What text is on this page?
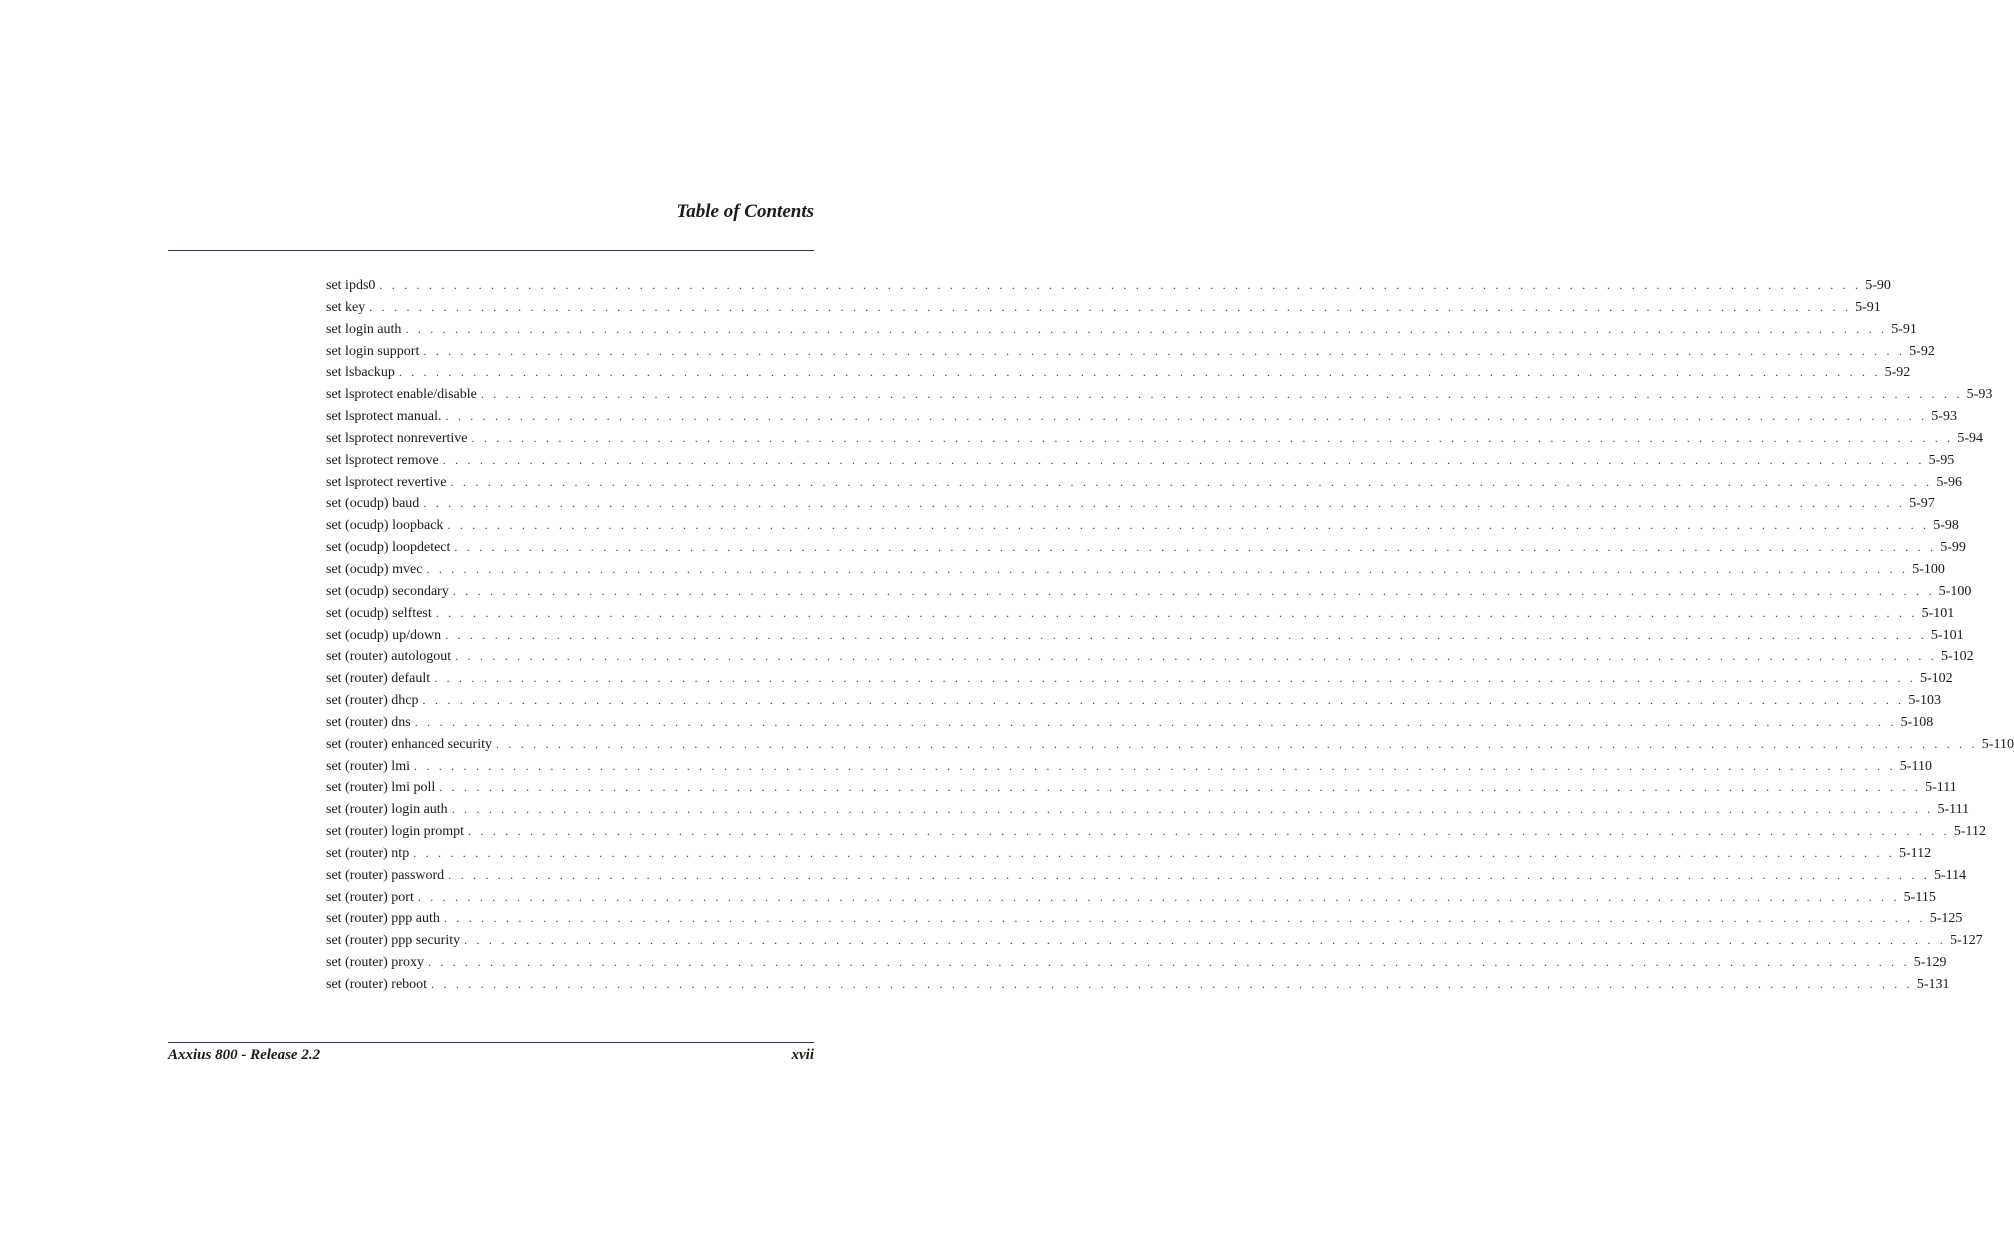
Table of Contents
set ipds0 . . . . . . . . . . . . . . . . . . . . . . . . . . . . . . . . . . . . . . . . . . . . . . . . . . . . . . . . . . . . . . . . . . . . . . . . . . . . . . . . . . . . . . . . . . . . . . . . . . . . . . . . . . . . . . . . . . . . . . . . 5-90
set key . . . . . . . . . . . . . . . . . . . . . . . . . . . . . . . . . . . . . . . . . . . . . . . . . . . . . . . . . . . . . . . . . . . . . . . . . . . . . . . . . . . . . . . . . . . . . . . . . . . . . . . . . . . . . . . . . . . . . . . . 5-91
set login auth . . . . . . . . . . . . . . . . . . . . . . . . . . . . . . . . . . . . . . . . . . . . . . . . . . . . . . . . . . . . . . . . . . . . . . . . . . . . . . . . . . . . . . . . . . . . . . . . . . . . . . . . . . . . . . . . . . . . . . . . 5-91
set login support . . . . . . . . . . . . . . . . . . . . . . . . . . . . . . . . . . . . . . . . . . . . . . . . . . . . . . . . . . . . . . . . . . . . . . . . . . . . . . . . . . . . . . . . . . . . . . . . . . . . . . . . . . . . . . . . . . . . . . . . 5-92
set lsbackup . . . . . . . . . . . . . . . . . . . . . . . . . . . . . . . . . . . . . . . . . . . . . . . . . . . . . . . . . . . . . . . . . . . . . . . . . . . . . . . . . . . . . . . . . . . . . . . . . . . . . . . . . . . . . . . . . . . . . . . . 5-92
set lsprotect enable/disable . . . . . . . . . . . . . . . . . . . . . . . . . . . . . . . . . . . . . . . . . . . . . . . . . . . . . . . . . . . . . . . . . . . . . . . . . . . . . . . . . . . . . . . . . . . . . . . . . . . . . . . . . . . . . . . . . . . . . . . . 5-93
set lsprotect manual. . . . . . . . . . . . . . . . . . . . . . . . . . . . . . . . . . . . . . . . . . . . . . . . . . . . . . . . . . . . . . . . . . . . . . . . . . . . . . . . . . . . . . . . . . . . . . . . . . . . . . . . . . . . . . . . . . . . . . . . . 5-93
set lsprotect nonrevertive . . . . . . . . . . . . . . . . . . . . . . . . . . . . . . . . . . . . . . . . . . . . . . . . . . . . . . . . . . . . . . . . . . . . . . . . . . . . . . . . . . . . . . . . . . . . . . . . . . . . . . . . . . . . . . . . . . . . . . . . 5-94
set lsprotect remove . . . . . . . . . . . . . . . . . . . . . . . . . . . . . . . . . . . . . . . . . . . . . . . . . . . . . . . . . . . . . . . . . . . . . . . . . . . . . . . . . . . . . . . . . . . . . . . . . . . . . . . . . . . . . . . . . . . . . . . . 5-95
set lsprotect revertive . . . . . . . . . . . . . . . . . . . . . . . . . . . . . . . . . . . . . . . . . . . . . . . . . . . . . . . . . . . . . . . . . . . . . . . . . . . . . . . . . . . . . . . . . . . . . . . . . . . . . . . . . . . . . . . . . . . . . . . . 5-96
set (ocudp) baud . . . . . . . . . . . . . . . . . . . . . . . . . . . . . . . . . . . . . . . . . . . . . . . . . . . . . . . . . . . . . . . . . . . . . . . . . . . . . . . . . . . . . . . . . . . . . . . . . . . . . . . . . . . . . . . . . . . . . . . . 5-97
set (ocudp) loopback . . . . . . . . . . . . . . . . . . . . . . . . . . . . . . . . . . . . . . . . . . . . . . . . . . . . . . . . . . . . . . . . . . . . . . . . . . . . . . . . . . . . . . . . . . . . . . . . . . . . . . . . . . . . . . . . . . . . . . . . 5-98
set (ocudp) loopdetect . . . . . . . . . . . . . . . . . . . . . . . . . . . . . . . . . . . . . . . . . . . . . . . . . . . . . . . . . . . . . . . . . . . . . . . . . . . . . . . . . . . . . . . . . . . . . . . . . . . . . . . . . . . . . . . . . . . . . . . . 5-99
set (ocudp) mvec . . . . . . . . . . . . . . . . . . . . . . . . . . . . . . . . . . . . . . . . . . . . . . . . . . . . . . . . . . . . . . . . . . . . . . . . . . . . . . . . . . . . . . . . . . . . . . . . . . . . . . . . . . . . . . . . . . . . . . . . 5-100
set (ocudp) secondary . . . . . . . . . . . . . . . . . . . . . . . . . . . . . . . . . . . . . . . . . . . . . . . . . . . . . . . . . . . . . . . . . . . . . . . . . . . . . . . . . . . . . . . . . . . . . . . . . . . . . . . . . . . . . . . . . . . . . . . . 5-100
set (ocudp) selftest . . . . . . . . . . . . . . . . . . . . . . . . . . . . . . . . . . . . . . . . . . . . . . . . . . . . . . . . . . . . . . . . . . . . . . . . . . . . . . . . . . . . . . . . . . . . . . . . . . . . . . . . . . . . . . . . . . . . . . . . 5-101
set (ocudp) up/down . . . . . . . . . . . . . . . . . . . . . . . . . . . . . . . . . . . . . . . . . . . . . . . . . . . . . . . . . . . . . . . . . . . . . . . . . . . . . . . . . . . . . . . . . . . . . . . . . . . . . . . . . . . . . . . . . . . . . . . . 5-101
set (router) autologout . . . . . . . . . . . . . . . . . . . . . . . . . . . . . . . . . . . . . . . . . . . . . . . . . . . . . . . . . . . . . . . . . . . . . . . . . . . . . . . . . . . . . . . . . . . . . . . . . . . . . . . . . . . . . . . . . . . . . . . . 5-102
set (router) default . . . . . . . . . . . . . . . . . . . . . . . . . . . . . . . . . . . . . . . . . . . . . . . . . . . . . . . . . . . . . . . . . . . . . . . . . . . . . . . . . . . . . . . . . . . . . . . . . . . . . . . . . . . . . . . . . . . . . . . . 5-102
set (router) dhcp . . . . . . . . . . . . . . . . . . . . . . . . . . . . . . . . . . . . . . . . . . . . . . . . . . . . . . . . . . . . . . . . . . . . . . . . . . . . . . . . . . . . . . . . . . . . . . . . . . . . . . . . . . . . . . . . . . . . . . . . 5-103
set (router) dns . . . . . . . . . . . . . . . . . . . . . . . . . . . . . . . . . . . . . . . . . . . . . . . . . . . . . . . . . . . . . . . . . . . . . . . . . . . . . . . . . . . . . . . . . . . . . . . . . . . . . . . . . . . . . . . . . . . . . . . . 5-108
set (router) enhanced security . . . . . . . . . . . . . . . . . . . . . . . . . . . . . . . . . . . . . . . . . . . . . . . . . . . . . . . . . . . . . . . . . . . . . . . . . . . . . . . . . . . . . . . . . . . . . . . . . . . . . . . . . . . . . . . . . . . . . . . . 5-110
set (router) lmi . . . . . . . . . . . . . . . . . . . . . . . . . . . . . . . . . . . . . . . . . . . . . . . . . . . . . . . . . . . . . . . . . . . . . . . . . . . . . . . . . . . . . . . . . . . . . . . . . . . . . . . . . . . . . . . . . . . . . . . . 5-110
set (router) lmi poll . . . . . . . . . . . . . . . . . . . . . . . . . . . . . . . . . . . . . . . . . . . . . . . . . . . . . . . . . . . . . . . . . . . . . . . . . . . . . . . . . . . . . . . . . . . . . . . . . . . . . . . . . . . . . . . . . . . . . . . . 5-111
set (router) login auth . . . . . . . . . . . . . . . . . . . . . . . . . . . . . . . . . . . . . . . . . . . . . . . . . . . . . . . . . . . . . . . . . . . . . . . . . . . . . . . . . . . . . . . . . . . . . . . . . . . . . . . . . . . . . . . . . . . . . . . . 5-111
set (router) login prompt . . . . . . . . . . . . . . . . . . . . . . . . . . . . . . . . . . . . . . . . . . . . . . . . . . . . . . . . . . . . . . . . . . . . . . . . . . . . . . . . . . . . . . . . . . . . . . . . . . . . . . . . . . . . . . . . . . . . . . . . 5-112
set (router) ntp . . . . . . . . . . . . . . . . . . . . . . . . . . . . . . . . . . . . . . . . . . . . . . . . . . . . . . . . . . . . . . . . . . . . . . . . . . . . . . . . . . . . . . . . . . . . . . . . . . . . . . . . . . . . . . . . . . . . . . . . 5-112
set (router) password . . . . . . . . . . . . . . . . . . . . . . . . . . . . . . . . . . . . . . . . . . . . . . . . . . . . . . . . . . . . . . . . . . . . . . . . . . . . . . . . . . . . . . . . . . . . . . . . . . . . . . . . . . . . . . . . . . . . . . . . 5-114
set (router) port . . . . . . . . . . . . . . . . . . . . . . . . . . . . . . . . . . . . . . . . . . . . . . . . . . . . . . . . . . . . . . . . . . . . . . . . . . . . . . . . . . . . . . . . . . . . . . . . . . . . . . . . . . . . . . . . . . . . . . . . 5-115
set (router) ppp auth . . . . . . . . . . . . . . . . . . . . . . . . . . . . . . . . . . . . . . . . . . . . . . . . . . . . . . . . . . . . . . . . . . . . . . . . . . . . . . . . . . . . . . . . . . . . . . . . . . . . . . . . . . . . . . . . . . . . . . . . 5-125
set (router) ppp security . . . . . . . . . . . . . . . . . . . . . . . . . . . . . . . . . . . . . . . . . . . . . . . . . . . . . . . . . . . . . . . . . . . . . . . . . . . . . . . . . . . . . . . . . . . . . . . . . . . . . . . . . . . . . . . . . . . . . . . . 5-127
set (router) proxy . . . . . . . . . . . . . . . . . . . . . . . . . . . . . . . . . . . . . . . . . . . . . . . . . . . . . . . . . . . . . . . . . . . . . . . . . . . . . . . . . . . . . . . . . . . . . . . . . . . . . . . . . . . . . . . . . . . . . . . . 5-129
set (router) reboot . . . . . . . . . . . . . . . . . . . . . . . . . . . . . . . . . . . . . . . . . . . . . . . . . . . . . . . . . . . . . . . . . . . . . . . . . . . . . . . . . . . . . . . . . . . . . . . . . . . . . . . . . . . . . . . . . . . . . . . . 5-131
Axxius 800 - Release 2.2	xvii
